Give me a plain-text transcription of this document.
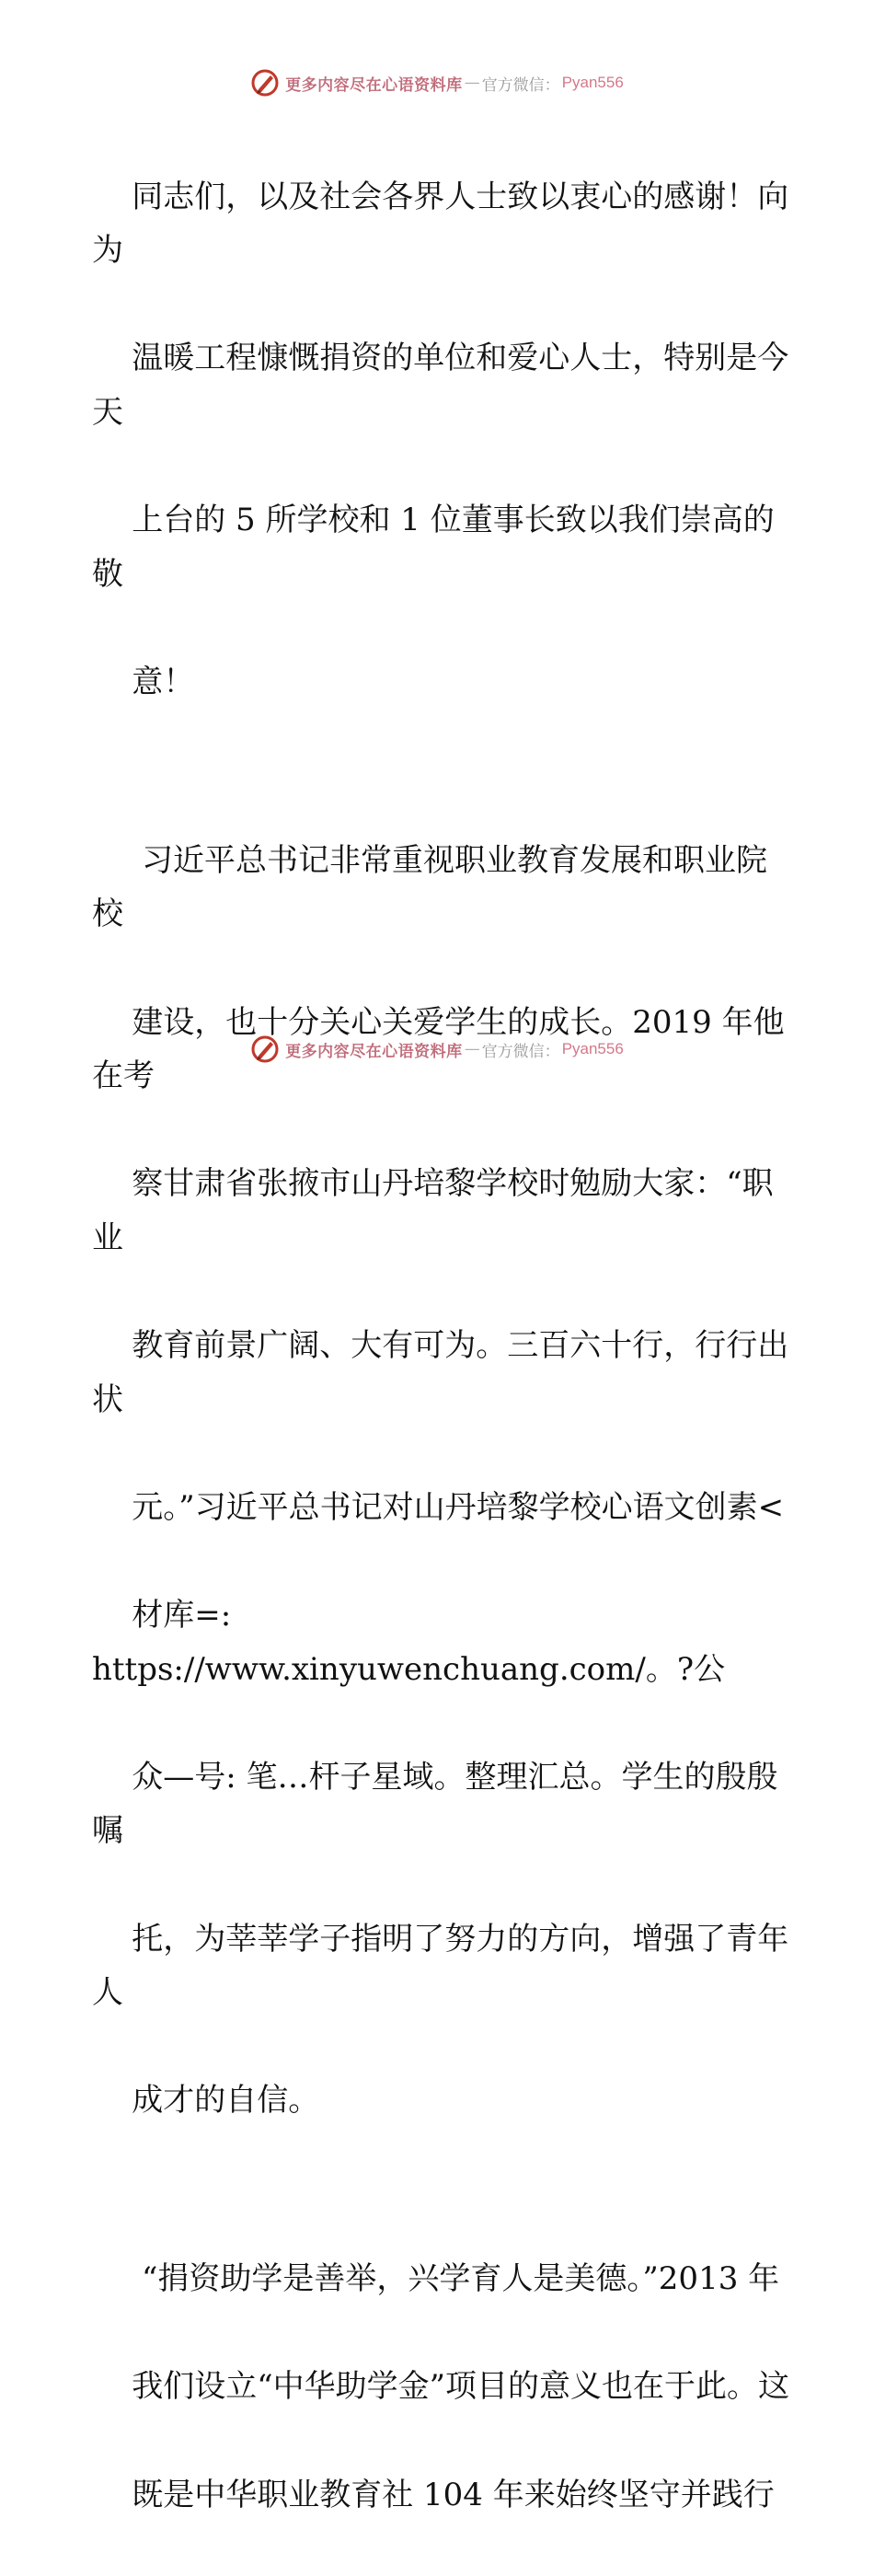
更多内容尽在心语资料库 — 官方微信： Pyan556

同志们，以及社会各界人士致以衷心的感谢！向为

温暖工程慷慨捐资的单位和爱心人士，特别是今天

上台的 5 所学校和 1 位董事长致以我们崇高的敬

意！

习近平总书记非常重视职业教育发展和职业院校

建设，也十分关心关爱学生的成长。2019 年他在考

察甘肃省张掖市山丹培黎学校时勉励大家：“职业

教育前景广阔、大有可为。三百六十行，行行出状

元。”习近平总书记对山丹培黎学校心语文创素<

材库=: https://www.xinyuwenchuang.com/。?公

众—号: 笔…杆子星域。整理汇总。学生的殷殷嘱

托，为莘莘学子指明了努力的方向，增强了青年人

成才的自信。

“捐资助学是善举，兴学育人是美德。”2013 年

我们设立“中华助学金”项目的意义也在于此。这

既是中华职业教育社 104 年来始终坚守并践行

更多内容尽在心语资料库 — 官方微信： Pyan556
